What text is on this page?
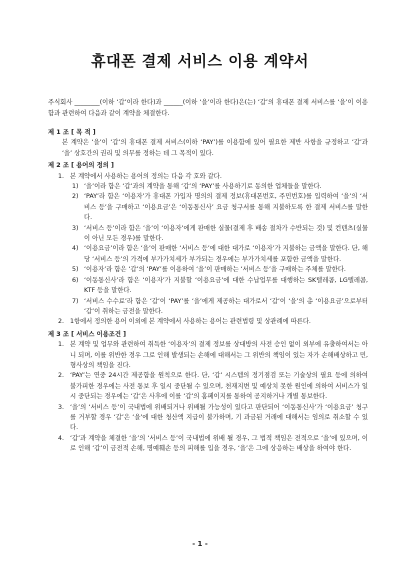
휴대폰 결제 서비스 이용 계약서
주식회사 ________(이하 ‘갑’이라 한다)과 ______(이하 ‘을’이라 한다)은(는) ‘갑’의 휴대폰 결제 서비스를 ‘을’이 이용함과 관련하여 다음과 같이 계약을 체결한다.
제 1 조 [ 목 적 ]
본 계약은 ‘을’이 ‘갑’의 휴대폰 결제 서비스(이하 ‘PAY’)를 이용함에 있어 필요한 제반 사항을 규정하고 ‘갑’과 ‘을’ 상호간의 권리 및 의무를 정하는 데 그 목적이 있다.
제 2 조 [ 용어의 정의 ]
1. 본 계약에서 사용하는 용어의 정의는 다음 각 호와 같다.
1) ‘을’이라 함은 ‘갑’과의 계약을 통해 ‘갑’의 ‘PAY’를 사용하기로 동의한 업체들을 말한다.
2) ‘PAY’라 함은 ‘이용자’가 휴대폰 가입자 명의의 결제 정보(휴대폰번호, 주민번호)를 입력하여 ‘을’의 ‘서비스 등’을 구매하고 ‘이용요금’은 ‘이동통신사’ 요금 청구서를 통해 지불하도록 한 결제 서비스를 말한다.
3) ‘서비스 등’이라 함은 ‘을’이 ‘이용자’에게 판매한 실물(결제 후 배송 절차가 수반되는 것) 및 컨텐츠(실물이 아닌 모든 경우)를 말한다.
4) ‘이용요금’이라 함은 ‘을’이 판매한 ‘서비스 등’에 대한 대가로 ‘이용자’가 지불하는 금액을 말한다. 단, 해당 ‘서비스 등’의 가격에 부가가치세가 부가되는 경우에는 부가가치세를 포함한 금액을 말한다.
5) ‘이용자’라 함은 ‘갑’의 ‘PAY’를 이용하여 ‘을’이 판매하는 ‘서비스 등’을 구매하는 주체를 말한다.
6) ‘이동통신사’라 함은 ‘이용자’가 지불할 ‘이용요금’에 대한 수납업무를 대행하는 SK텔레콤, LG텔레콤, KTF 등을 말한다.
7) ‘서비스 수수료’라 함은 ‘갑’이 ‘PAY’를 ‘을’에게 제공하는 대가로서 ‘갑’이 ‘을’의 총 ‘이용요금’으로부터 ‘갑’이 취하는 금전을 말한다.
2. 1항에서 정의한 용어 이외에 본 계약에서 사용하는 용어는 관련법령 및 상관례에 따른다.
제 3 조 [ 서비스 이용조건 ]
1. 본 계약 및 업무와 관련하여 취득한 ‘이용자’의 결제 정보를 상대방의 사전 승인 없이 외부에 유출하여서는 아니 되며, 이를 위반한 경우 그로 인해 발생되는 손해에 대해서는 그 위반의 책임이 있는 자가 손해배상하고 민, 형사상의 책임을 진다.
2. ‘PAY’는 연중 24시간 제공함을 원칙으로 한다. 단, ‘갑’ 시스템의 정기점검 또는 기술상의 필요 등에 의하여 불가피한 경우에는 사전 통보 후 일시 중단될 수 있으며, 천재지변 및 예상치 못한 원인에 의하여 서비스가 일시 중단되는 경우에는 ‘갑’은 사후에 이를 ‘갑’의 홈페이지를 통하여 공지하거나 개별 통보한다.
3. ‘을’의 ‘서비스 등’이 국내법에 위배되거나 위배될 가능성이 있다고 판단되어 ‘이동통신사’가 ‘이용요금’ 청구를 거부할 경우 ‘갑’은 ‘을’에 대한 청산액 지급이 불가하며, 기 과금된 거래에 대해서는 임의로 취소할 수 있다.
4. ‘갑’과 계약을 체결한 ‘을’의 ‘서비스 등’이 국내법에 위배 될 경우, 그 법적 책임은 전적으로 ‘을’에 있으며, 이로 인해 ‘갑’이 금전적 손해, 명예훼손 등의 피해를 입을 경우, ‘을’은 그에 상응하는 배상을 하여야 한다.
- 1 -
